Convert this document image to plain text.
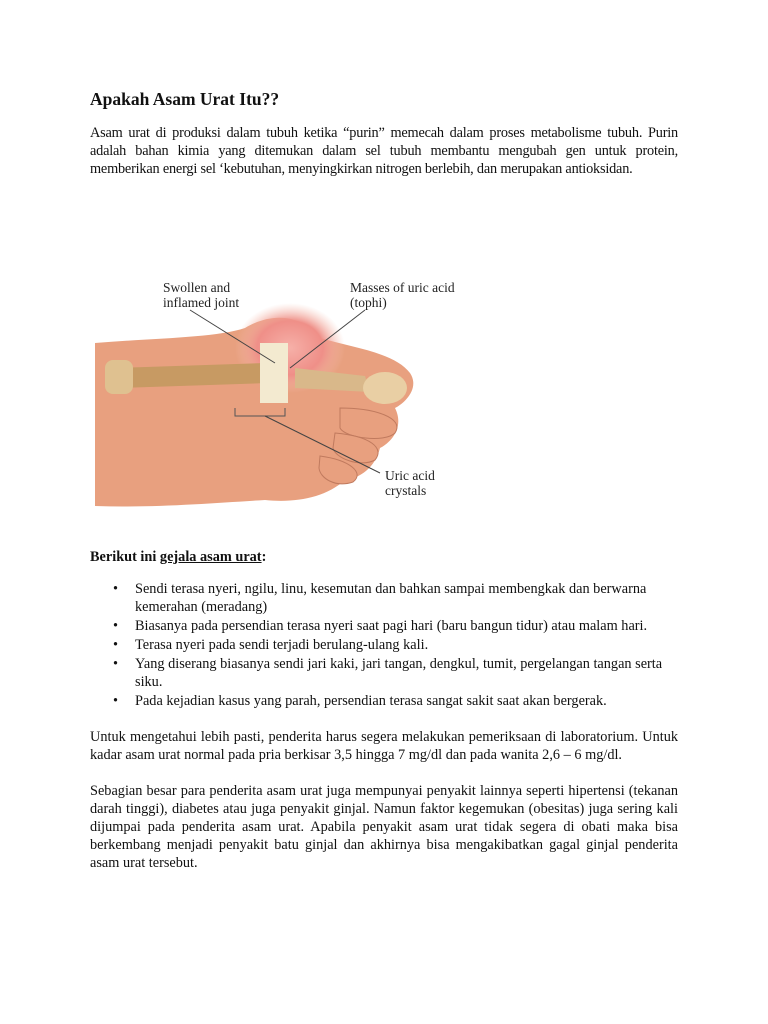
Apakah Asam Urat Itu??

Asam urat di produksi dalam tubuh ketika “purin” memecah dalam proses metabolisme tubuh. Purin adalah bahan kimia yang ditemukan dalam sel tubuh membantu mengubah gen untuk protein, memberikan energi sel ‘kebutuhan, menyingkirkan nitrogen berlebih, dan merupakan antioksidan.

Swollen and inflamed joint
Masses of uric acid (tophi)
Uric acid crystals

Berikut ini gejala asam urat:

• Sendi terasa nyeri, ngilu, linu, kesemutan dan bahkan sampai membengkak dan berwarna kemerahan (meradang)
• Biasanya pada persendian terasa nyeri saat pagi hari (baru bangun tidur) atau malam hari.
• Terasa nyeri pada sendi terjadi berulang-ulang kali.
• Yang diserang biasanya sendi jari kaki, jari tangan, dengkul, tumit, pergelangan tangan serta siku.
• Pada kejadian kasus yang parah, persendian terasa sangat sakit saat akan bergerak.

Untuk mengetahui lebih pasti, penderita harus segera melakukan pemeriksaan di laboratorium. Untuk kadar asam urat normal pada pria berkisar 3,5 hingga 7 mg/dl dan pada wanita 2,6 – 6 mg/dl.

Sebagian besar para penderita asam urat juga mempunyai penyakit lainnya seperti hipertensi (tekanan darah tinggi), diabetes atau juga penyakit ginjal. Namun faktor kegemukan (obesitas) juga sering kali dijumpai pada penderita asam urat. Apabila penyakit asam urat tidak segera di obati maka bisa berkembang menjadi penyakit batu ginjal dan akhirnya bisa mengakibatkan gagal ginjal penderita asam urat tersebut.
